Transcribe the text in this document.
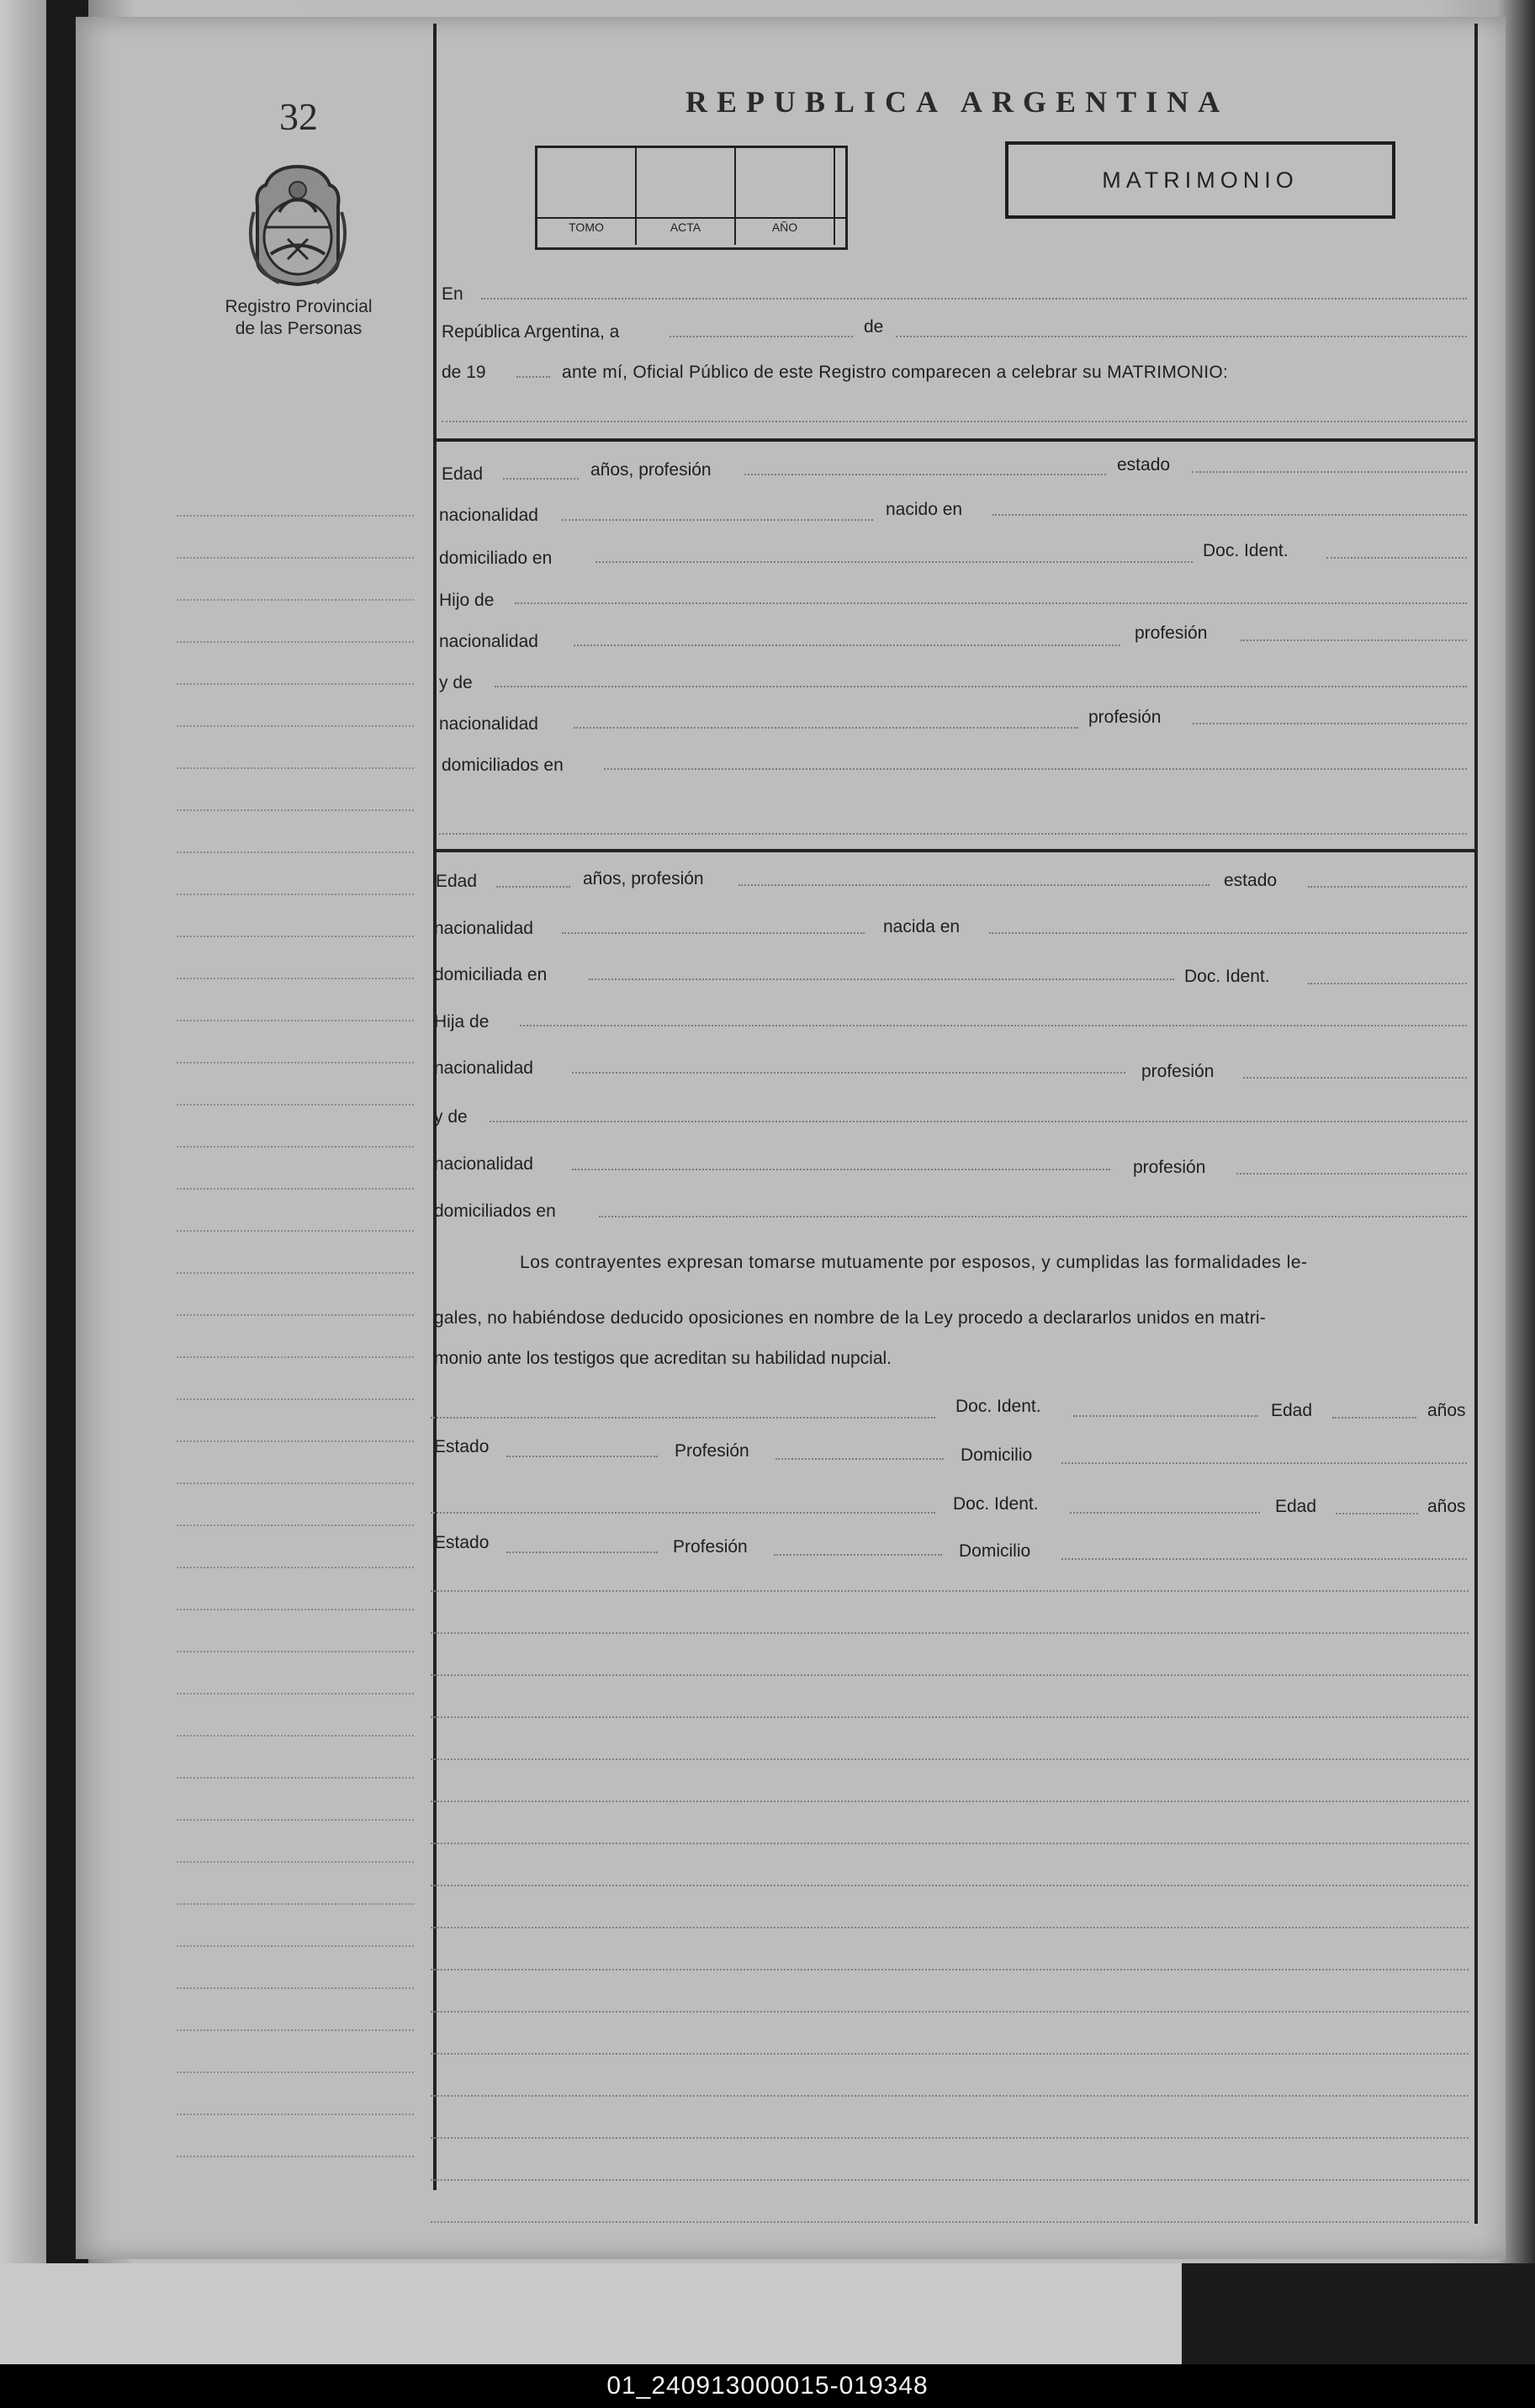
01_240913000015-019348
32
Registro Provincial
de las Personas
REPUBLICA ARGENTINA
TOMO	ACTA	AÑO
MATRIMONIO
En
República Argentina, a	de
de 19	ante mí, Oficial Público de este Registro comparecen a celebrar su MATRIMONIO:
Edad	años, profesión	estado
nacionalidad	nacido en
domiciliado en	Doc. Ident.
Hijo de
nacionalidad	profesión
y de
nacionalidad	profesión
domiciliados en
Edad	años, profesión	estado
nacionalidad	nacida en
domiciliada en	Doc. Ident.
Hija de
nacionalidad	profesión
y de
nacionalidad	profesión
domiciliados en
Los contrayentes expresan tomarse mutuamente por esposos, y cumplidas las formalidades le-
gales, no habiéndose deducido oposiciones en nombre de la Ley procedo a declararlos unidos en matri-
monio ante los testigos que acreditan su habilidad nupcial.
Doc. Ident.	Edad	años
Estado	Profesión	Domicilio
Doc. Ident.	Edad	años
Estado	Profesión	Domicilio
